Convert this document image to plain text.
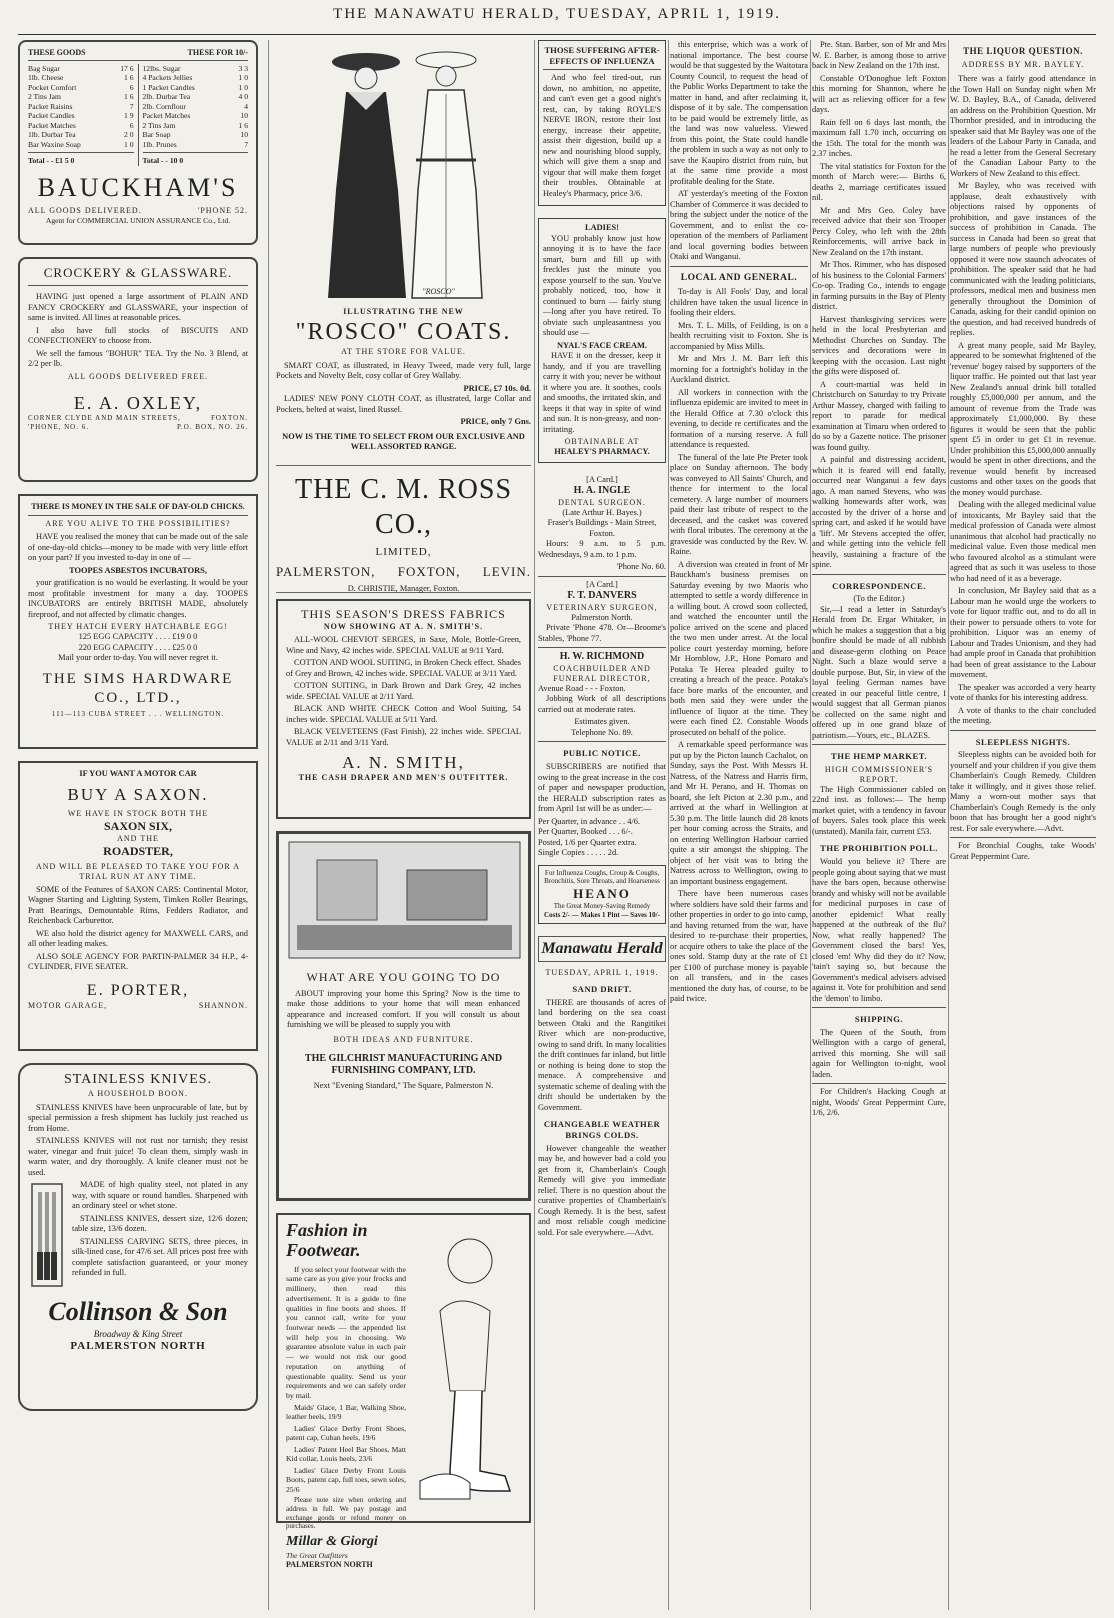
THE MANAWATU HERALD, TUESDAY, APRIL 1, 1919.
THESE GOODS	THESE FOR 10/-
Bag Sugar	17 6
1lb. Cheese	1 6
Pocket Comfort	6
2 Tins Jam	1 6
Packet Raisins	7
Packet Candles	1 9
Packet Matches	6
1lb. Durbar Tea	2 0
Bar Waxine Soap	1 0
Total - - £1 5 0
12lbs. Sugar	3 3
4 Packets Jellies	1 0
1 Packet Candles	1 0
2lb. Durbar Tea	4 0
2lb. Cornflour	4
Packet Matches	10
2 Tins Jam	1 6
Bar Soap	10
1lb. Prunes	7
Total - - 10 0
BAUCKHAM'S
ALL GOODS DELIVERED.	'PHONE 52.
Agent for COMMERCIAL UNION ASSURANCE Co., Ltd.
CROCKERY & GLASSWARE.

HAVING just opened a large assortment of PLAIN AND FANCY CROCKERY and GLASSWARE, your inspection of same is invited. All lines at reasonable prices.

I also have full stocks of BISCUITS AND CONFECTIONERY to choose from.

We sell the famous "BOHUR" TEA. Try the No. 3 Blend, at 2/2 per lb.

ALL GOODS DELIVERED FREE.
E. A. OXLEY,
CORNER CLYDE AND MAIN STREETS,	FOXTON.
'PHONE, NO. 6.	P.O. BOX, NO. 26.
THERE IS MONEY IN THE SALE OF DAY-OLD CHICKS.
ARE YOU ALIVE TO THE POSSIBILITIES?

HAVE you realised the money that can be made out of the sale of one-day-old chicks—money to be made with very little effort on your part? If you invested to-day in one of —

TOOPES ASBESTOS INCUBATORS,

your gratification is no would be everlasting. It would be your most profitable investment for many a day. TOOPES INCUBATORS are entirely BRITISH MADE, absolutely fireproof, and not affected by climatic changes.

THEY HATCH EVERY HATCHABLE EGG!
125 EGG CAPACITY . . . . £19 0 0
220 EGG CAPACITY . . . . £25 0 0
Mail your order to-day. You will never regret it.
THE SIMS HARDWARE CO., LTD.,
111—113 CUBA STREET . . . WELLINGTON.
IF YOU WANT A MOTOR CAR
BUY A SAXON.
WE HAVE IN STOCK BOTH THE
SAXON SIX,
AND THE
ROADSTER,
AND WILL BE PLEASED TO TAKE YOU FOR A TRIAL RUN AT ANY TIME.

SOME of the Features of SAXON CARS: Continental Motor, Wagner Starting and Lighting System, Timken Roller Bearings, Pratt Bearings, Demountable Rims, Fedders Radiator, and Reichenback Carburettor.

WE also hold the district agency for MAXWELL CARS, and all other leading makes.

ALSO SOLE AGENCY FOR PARTIN-PALMER 34 H.P., 4-CYLINDER, FIVE SEATER.

E. PORTER,
MOTOR GARAGE,	SHANNON.
STAINLESS KNIVES.
A HOUSEHOLD BOON.

STAINLESS KNIVES have been unprocurable of late, but by special permission a fresh shipment has luckily just reached us from Home.

STAINLESS KNIVES will not rust nor tarnish; they resist water, vinegar and fruit juice! To clean them, simply wash in warm water, and dry thoroughly. A knife cleaner must not be used.

MADE of high quality steel, not plated in any way, with square or round handles. Sharpened with an ordinary steel or whet stone.

STAINLESS KNIVES, dessert size, 12/6 dozen; table size, 13/6 dozen.

STAINLESS CARVING SETS, three pieces, in silk-lined case, for 47/6 set. All prices post free with complete satisfaction guaranteed, or your money refunded in full.

Collinson & Son
Broadway & King Street
PALMERSTON NORTH
"ROSCO"
ILLUSTRATING THE NEW
"ROSCO" COATS.
AT THE STORE FOR VALUE.

SMART COAT, as illustrated, in Heavy Tweed, made very full, large Pockets and Novelty Belt, cosy collar of Grey Wallaby.

PRICE, £7 10s. 0d.

LADIES' NEW PONY CLOTH COAT, as illustrated, large Collar and Pockets, belted at waist, lined Russel.

PRICE, only 7 Gns.
NOW IS THE TIME TO SELECT FROM OUR EXCLUSIVE AND WELL ASSORTED RANGE.
THE C. M. ROSS CO.,
LIMITED,
PALMERSTON, FOXTON, LEVIN.
D. CHRISTIE, Manager, Foxton.
THIS SEASON'S DRESS FABRICS
NOW SHOWING AT A. N. SMITH'S.

ALL-WOOL CHEVIOT SERGES, in Saxe, Mole, Bottle-Green, Wine and Navy, 42 inches wide. SPECIAL VALUE at 9/11 Yard.

COTTON AND WOOL SUITING, in Broken Check effect. Shades of Grey and Brown, 42 inches wide. SPECIAL VALUE at 3/11 Yard.

COTTON SUITING, in Dark Brown and Dark Grey, 42 inches wide. SPECIAL VALUE at 2/11 Yard.

BLACK AND WHITE CHECK Cotton and Wool Suiting, 54 inches wide. SPECIAL VALUE at 5/11 Yard.

BLACK VELVETEENS (Fast Finish), 22 inches wide. SPECIAL VALUE at 2/11 and 3/11 Yard.

A. N. SMITH,
THE CASH DRAPER AND MEN'S OUTFITTER.
WHAT ARE YOU GOING TO DO

ABOUT improving your home this Spring? Now is the time to make those additions to your home that will mean enhanced appearance and increased comfort. If you will consult us about furnishing we will be pleased to supply you with

BOTH IDEAS AND FURNITURE.
THE GILCHRIST MANUFACTURING AND FURNISHING COMPANY, LTD.
Next "Evening Standard," The Square, Palmerston N.
Fashion in Footwear.

If you select your footwear with the same care as you give your frocks and millinery, then read this advertisement. It is a guide to fine qualities in fine boots and shoes. If you cannot call, write for your footwear needs — the appended list will help you in choosing. We guarantee absolute value in each pair — we would not risk our good reputation on anything of questionable quality. Send us your requirements and we can safely order by mail.

Maids' Glace, 1 Bar, Walking Shoe, leather heels, 19/9

Ladies' Glace Derby Front Shoes, patent cap, Cuban heels, 19/6

Ladies' Patent Heel Bar Shoes, Matt Kid collar, Louis heels, 23/6

Ladies' Glace Derby Front Louis Boots, patent cap, full toes, sewn soles, 25/6

Please note size when ordering and address in full. We pay postage and exchange goods or refund money on purchases.

Millar & Giorgi
The Great Outfitters
PALMERSTON NORTH
THOSE SUFFERING AFTER-EFFECTS OF INFLUENZA

And who feel tired-out, run down, no ambition, no appetite, and can't even get a good night's rest, can, by taking ROYLE'S NERVE IRON, restore their lost energy, increase their appetite, assist their digestion, build up a new and nourishing blood supply, which will give them a snap and vigour that will make them forget their troubles. Obtainable at Healey's Pharmacy, price 3/6.

LADIES!

YOU probably know just how annoying it is to have the face smart, burn and fill up with freckles just the minute you expose yourself to the sun. You've probably noticed, too, how it continued to burn — fairly stung—long after you have retired. To obviate such unpleasantness you should use —

NYAL'S FACE CREAM.

HAVE it on the dresser, keep it handy, and if you are travelling carry it with you; never be without it where you are. It soothes, cools and smooths, the irritated skin, and keeps it that way in spite of wind and sun. It is non-greasy, and non-irritating.

OBTAINABLE AT
HEALEY'S PHARMACY.
[A Card.]
H. A. INGLE
DENTAL SURGEON.
(Late Arthur H. Bayes.)
Fraser's Buildings - Main Street, Foxton.

Hours: 9 a.m. to 5 p.m. Wednesdays, 9 a.m. to 1 p.m.

'Phone No. 60.
[A Card.]
F. T. DANVERS
VETERINARY SURGEON,
Palmerston North.

Private 'Phone 478. Or—Broome's Stables, 'Phone 77.

H. W. RICHMOND
COACHBUILDER AND FUNERAL DIRECTOR,
Avenue Road - - - Foxton.

Jobbing Work of all descriptions carried out at moderate rates.

Estimates given.
Telephone No. 89.
PUBLIC NOTICE.

SUBSCRIBERS are notified that owing to the great increase in the cost of paper and newspaper production, the HERALD subscription rates as from April 1st will be as under:—

Per Quarter, in advance . . 4/6.
Per Quarter, Booked . . . 6/-.
Posted, 1/6 per Quarter extra.
Single Copies . . . . . 2d.
For Influenza Coughs, Croup & Coughs, Bronchitis, Sore Throats, and Hoarseness
HEANO
The Great Money-Saving Remedy
Costs 2/- — Makes 1 Pint — Saves 10/-
Manawatu Herald
TUESDAY, APRIL 1, 1919.
SAND DRIFT.

THERE are thousands of acres of land bordering on the sea coast between Otaki and the Rangitikei River which are non-productive, owing to sand drift. In many localities the drift continues far inland, but little or nothing is being done to stop the menace. A comprehensive and systematic scheme of dealing with the drift should be undertaken by the Government.

CHANGEABLE WEATHER BRINGS COLDS.

However changeable the weather may be, and however bad a cold you get from it, Chamberlain's Cough Remedy will give you immediate relief. There is no question about the curative properties of Chamberlain's Cough Remedy. It is the best, safest and most reliable cough medicine sold. For sale everywhere.—Advt.

this enterprise, which was a work of national importance. The best course would be that suggested by the Waitotara County Council, to request the head of the Public Works Department to take the matter in hand, and after reclaiming it, dispose of it by sale. The compensation to be paid would be extremely little, as the land was now valueless. Viewed from this point, the State could handle the problem in such a way as not only to save the Kaupiro district from ruin, but at the same time provide a most profitable dealing for the State.

AT yesterday's meeting of the Foxton Chamber of Commerce it was decided to bring the subject under the notice of the Government, and to enlist the co-operation of the members of Parliament and local governing bodies between Otaki and Wanganui.

LOCAL AND GENERAL.

To-day is All Fools' Day, and local children have taken the usual licence in fooling their elders.

Mrs. T. L. Mills, of Feilding, is on a health recruiting visit to Foxton. She is accompanied by Miss Mills.

Mr and Mrs J. M. Barr left this morning for a fortnight's holiday in the Auckland district.

All workers in connection with the influenza epidemic are invited to meet in the Herald Office at 7.30 o'clock this evening, to decide re certificates and the formation of a nursing reserve. A full attendance is requested.

The funeral of the late Pte Preter took place on Sunday afternoon. The body was conveyed to All Saints' Church, and thence for interment to the local cemetery. A large number of mourners paid their last tribute of respect to the deceased, and the casket was covered with floral tributes. The ceremony at the graveside was conducted by the Rev. W. Raine.

A diversion was created in front of Mr Bauckham's business premises on Saturday evening by two Maoris who attempted to settle a wordy difference in a willing bout. A crowd soon collected, and watched the encounter until the police arrived on the scene and placed the two men under arrest. At the local police court yesterday morning, before Mr Hornblow, J.P., Hone Pomaro and Potaka Te Herea pleaded guilty to creating a breach of the peace. Potaka's face bore marks of the encounter, and both men said they were under the influence of liquor at the time. They were each fined £2. Constable Woods prosecuted on behalf of the police.

A remarkable speed performance was put up by the Picton launch Cachalot, on Sunday, says the Post. With Messrs H. Natress, of the Natress and Harris firm, and Mr H. Perano, and H. Thomas on board, she left Picton at 2.30 p.m., and arrived at the wharf in Wellington at 5.30 p.m. The little launch did 28 knots per hour coming across the Straits, and on entering Wellington Harbour carried quite a stir amongst the shipping. The object of her visit was to bring the Natress across to Wellington, owing to an important business engagement.

There have been numerous cases where soldiers have sold their farms and other properties in order to go into camp, and having returned from the war, have desired to re-purchase their properties, or acquire others to take the place of the ones sold. Stamp duty at the rate of £1 per £100 of purchase money is payable on all transfers, and in the cases mentioned the duty has, of course, to be paid twice.

Pte. Stan. Barber, son of Mr and Mrs W. E. Barber, is among those to arrive back in New Zealand on the 17th inst.

Constable O'Donoghue left Foxton this morning for Shannon, where he will act as relieving officer for a few days.

Rain fell on 6 days last month, the maximum fall 1.70 inch, occurring on the 15th. The total for the month was 2.37 inches.

The vital statistics for Foxton for the month of March were:— Births 6, deaths 2, marriage certificates issued nil.

Mr and Mrs Geo. Coley have received advice that their son Trooper Percy Coley, who left with the 28th Reinforcements, will arrive back in New Zealand on the 17th instant.

Mr Thos. Rimmer, who has disposed of his business to the Colonial Farmers' Co-op. Trading Co., intends to engage in farming pursuits in the Bay of Plenty district.

Harvest thanksgiving services were held in the local Presbyterian and Methodist Churches on Sunday. The services and decorations were in keeping with the occasion. Last night the gifts were disposed of.

A court-martial was held in Christchurch on Saturday to try Private Arthur Massey, charged with failing to report to parade for medical examination at Timaru when ordered to do so by a Gazette notice. The prisoner was found guilty.

A painful and distressing accident, which it is feared will end fatally, occurred near Wanganui a few days ago. A man named Stevens, who was walking homewards after work, was accosted by the driver of a horse and spring cart, and asked if he would have a 'lift'. Mr Stevens accepted the offer, and while getting into the vehicle fell heavily, sustaining a fracture of the spine.

CORRESPONDENCE.
(To the Editor.)

Sir,—I read a letter in Saturday's Herald from Dr. Ergar Whitaker, in which he makes a suggestion that a big bonfire should be made of all rubbish and disease-germ clothing on Peace Night. Such a blaze would serve a double purpose. But, Sir, in view of the loyal feeling German names have created in our peaceful little centre, I would suggest that all German pianos be collected on the same night and offered up in one grand blaze of patriotism.—Yours, etc., BLAZES.

THE HEMP MARKET.
HIGH COMMISSIONER'S REPORT.

The High Commissioner cabled on 22nd inst. as follows:— The hemp market quiet, with a tendency in favour of buyers. Sales took place this week (unstated). Manila fair, current £53.

THE PROHIBITION POLL.

Would you believe it? There are people going about saying that we must have the bars open, because otherwise brandy and whisky will not be available for medicinal purposes in case of another epidemic! What really happened at the outbreak of the flu? Now, what really happened? The Government closed the bars! Yes, closed 'em! Why did they do it? Now, 'tain't saying so, but because the Government's medical advisers advised against it. Vote for prohibition and send the 'demon' to limbo.

SHIPPING.

The Queen of the South, from Wellington with a cargo of general, arrived this morning. She will sail again for Wellington to-night, wool laden.

For Children's Hacking Cough at night, Woods' Great Peppermint Cure, 1/6, 2/6.

THE LIQUOR QUESTION.
ADDRESS BY MR. BAYLEY.

There was a fairly good attendance in the Town Hall on Sunday night when Mr W. D. Bayley, B.A., of Canada, delivered an address on the Prohibition Question. Mr Thornbor presided, and in introducing the speaker said that Mr Bayley was one of the leaders of the Labour Party in Canada, and he read a letter from the General Secretary of the Canadian Labour Party to the Workers of New Zealand to this effect.

Mr Bayley, who was received with applause, dealt exhaustively with objections raised by opponents of prohibition, and gave instances of the success of prohibition in Canada. The success in Canada had been so great that large numbers of people who previously opposed it were now staunch advocates of prohibition. The speaker said that he had communicated with the leading politicians, professors, medical men and business men generally throughout the Dominion of Canada, asking for their candid opinion on the question, and had received hundreds of replies.

A great many people, said Mr Bayley, appeared to be somewhat frightened of the 'revenue' bogey raised by supporters of the liquor traffic. He pointed out that last year New Zealand's annual drink bill totalled roughly £5,000,000 per annum, and the amount of revenue from the Trade was approximately £1,000,000. By these figures it would be seen that the public spent £5 in order to get £1 in revenue. Under prohibition this £5,000,000 annually would be spent in other directions, and the revenue would benefit by increased customs and other taxes on the goods that the money would purchase.

Dealing with the alleged medicinal value of intoxicants, Mr Bayley said that the medical profession of Canada were almost unanimous that alcohol had practically no medicinal value. Even those medical men who favoured alcohol as a stimulant were agreed that as such it was useless to those who had need of it as a beverage.

In conclusion, Mr Bayley said that as a Labour man he would urge the workers to vote for liquor traffic out, and to do all in their power to persuade others to vote for prohibition. Liquor was an enemy of Labour and Trades Unionism, and they had had ample proof in Canada that prohibition had been of great assistance to the Labour movement.

The speaker was accorded a very hearty vote of thanks for his interesting address.

A vote of thanks to the chair concluded the meeting.

SLEEPLESS NIGHTS.

Sleepless nights can be avoided both for yourself and your children if you give them Chamberlain's Cough Remedy. Children take it willingly, and it gives those relief. Many a worn-out mother says that Chamberlain's Cough Remedy is the only boon that has brought her a good night's rest. For sale everywhere.—Advt.

For Bronchial Coughs, take Woods' Great Peppermint Cure.
